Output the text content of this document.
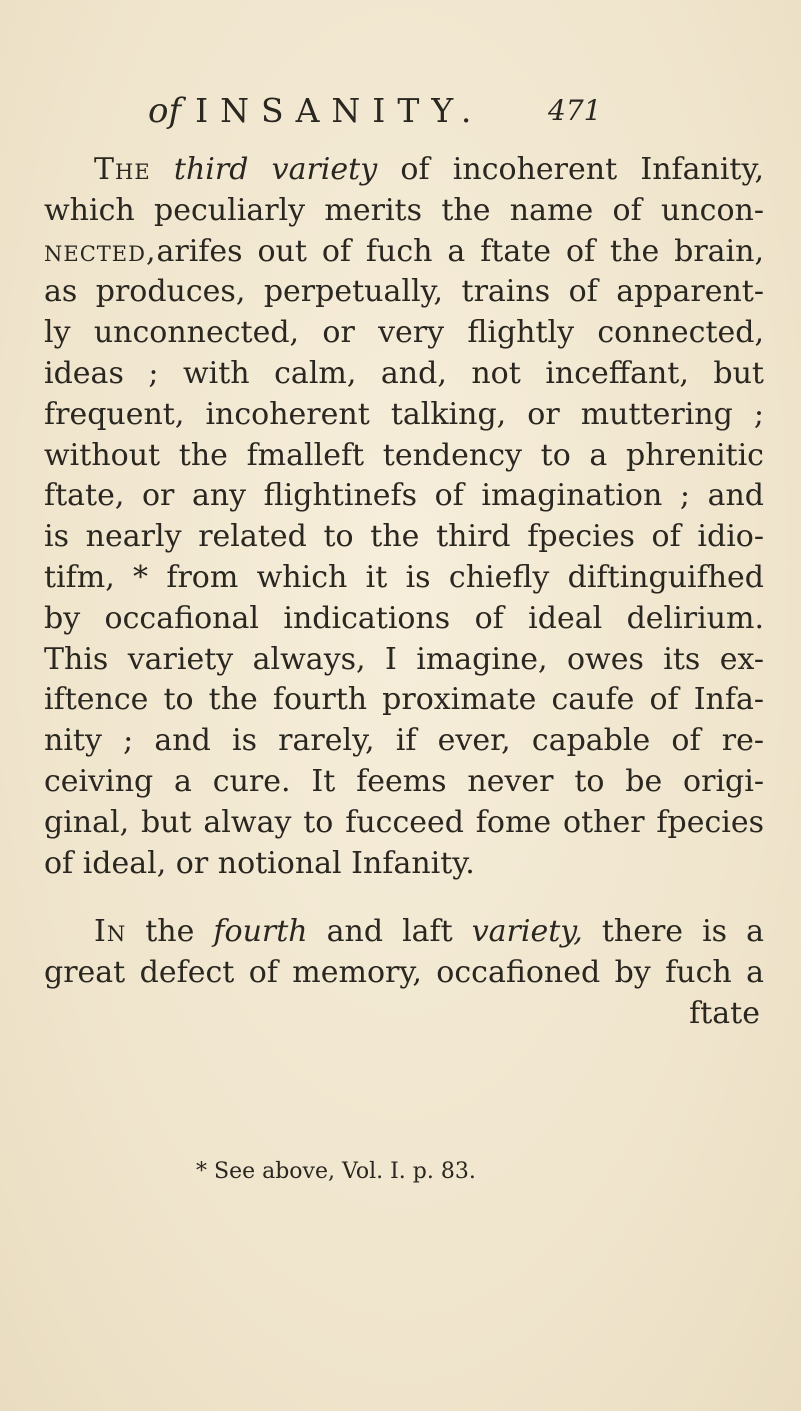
of INSANITY. 471
The third variety of incoherent Infanity,
which peculiarly merits the name of uncon-
nected,arifes out of fuch a ftate of the brain,
as produces, perpetually, trains of apparent-
ly unconnected, or very flightly connected,
ideas ; with calm, and, not inceffant, but
frequent, incoherent talking, or muttering ;
without the fmalleft tendency to a phrenitic
ftate, or any flightinefs of imagination ; and
is nearly related to the third fpecies of idio-
tifm, * from which it is chiefly diftinguifhed
by occafional indications of ideal delirium.
This variety always, I imagine, owes its ex-
iftence to the fourth proximate caufe of Infa-
nity ; and is rarely, if ever, capable of re-
ceiving a cure. It feems never to be origi-
ginal, but alway to fucceed fome other fpecies
of ideal, or notional Infanity.
In the fourth and laft variety, there is a
great defect of memory, occafioned by fuch a
ftate
* See above, Vol. I. p. 83.
